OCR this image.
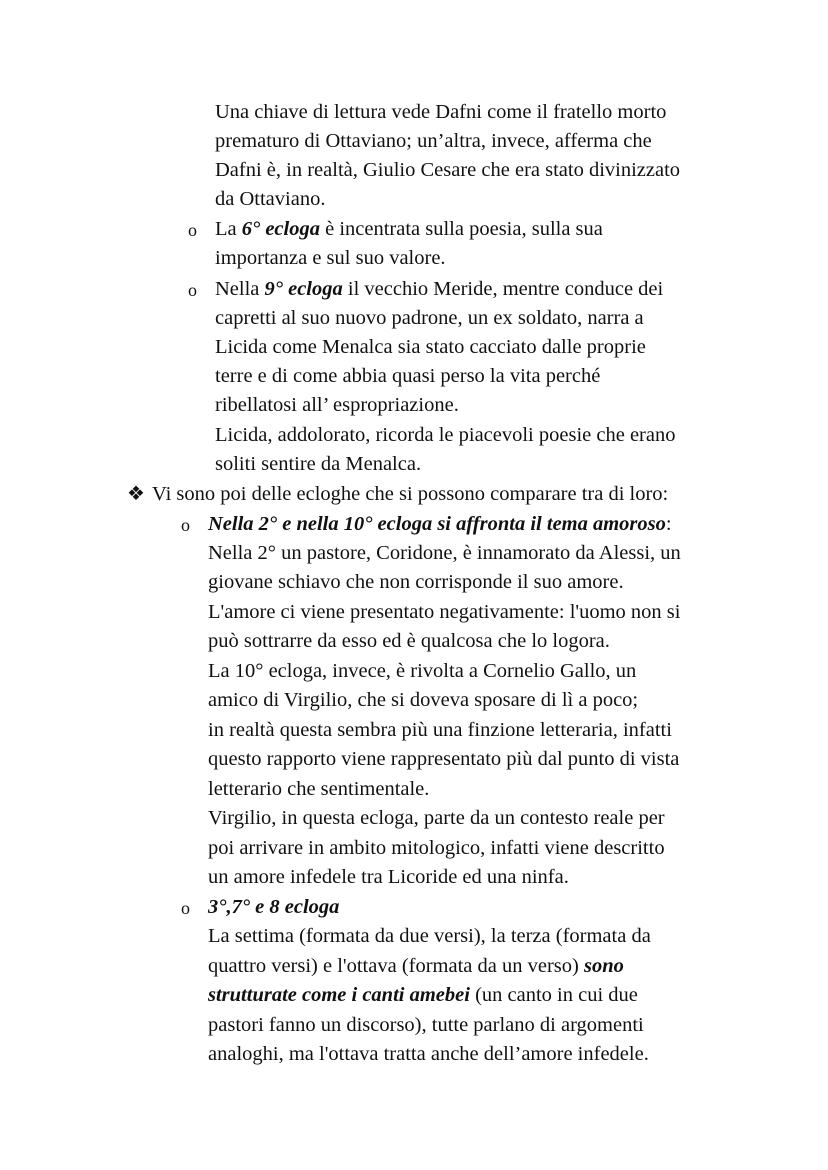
Una chiave di lettura vede Dafni come il fratello morto
prematuro di Ottaviano; un’altra, invece, afferma che
Dafni è, in realtà, Giulio Cesare che era stato divinizzato
da Ottaviano.
o La 6° ecloga è incentrata sulla poesia, sulla sua
importanza e sul suo valore.
o Nella 9° ecloga il vecchio Meride, mentre conduce dei
capretti al suo nuovo padrone, un ex soldato, narra a
Licida come Menalca sia stato cacciato dalle proprie
terre e di come abbia quasi perso la vita perché
ribellatosi all’ espropriazione.
Licida, addolorato, ricorda le piacevoli poesie che erano
soliti sentire da Menalca.
❖ Vi sono poi delle ecloghe che si possono comparare tra di loro:
o Nella 2° e nella 10° ecloga si affronta il tema amoroso:
Nella 2° un pastore, Coridone, è innamorato da Alessi, un
giovane schiavo che non corrisponde il suo amore.
L'amore ci viene presentato negativamente: l'uomo non si
può sottrarre da esso ed è qualcosa che lo logora.
La 10° ecloga, invece, è rivolta a Cornelio Gallo, un
amico di Virgilio, che si doveva sposare di lì a poco;
in realtà questa sembra più una finzione letteraria, infatti
questo rapporto viene rappresentato più dal punto di vista
letterario che sentimentale.
Virgilio, in questa ecloga, parte da un contesto reale per
poi arrivare in ambito mitologico, infatti viene descritto
un amore infedele tra Licoride ed una ninfa.
o 3°,7° e 8 ecloga
La settima (formata da due versi), la terza (formata da
quattro versi) e l'ottava (formata da un verso) sono
strutturate come i canti amebei (un canto in cui due
pastori fanno un discorso), tutte parlano di argomenti
analoghi, ma l'ottava tratta anche dell’amore infedele.
